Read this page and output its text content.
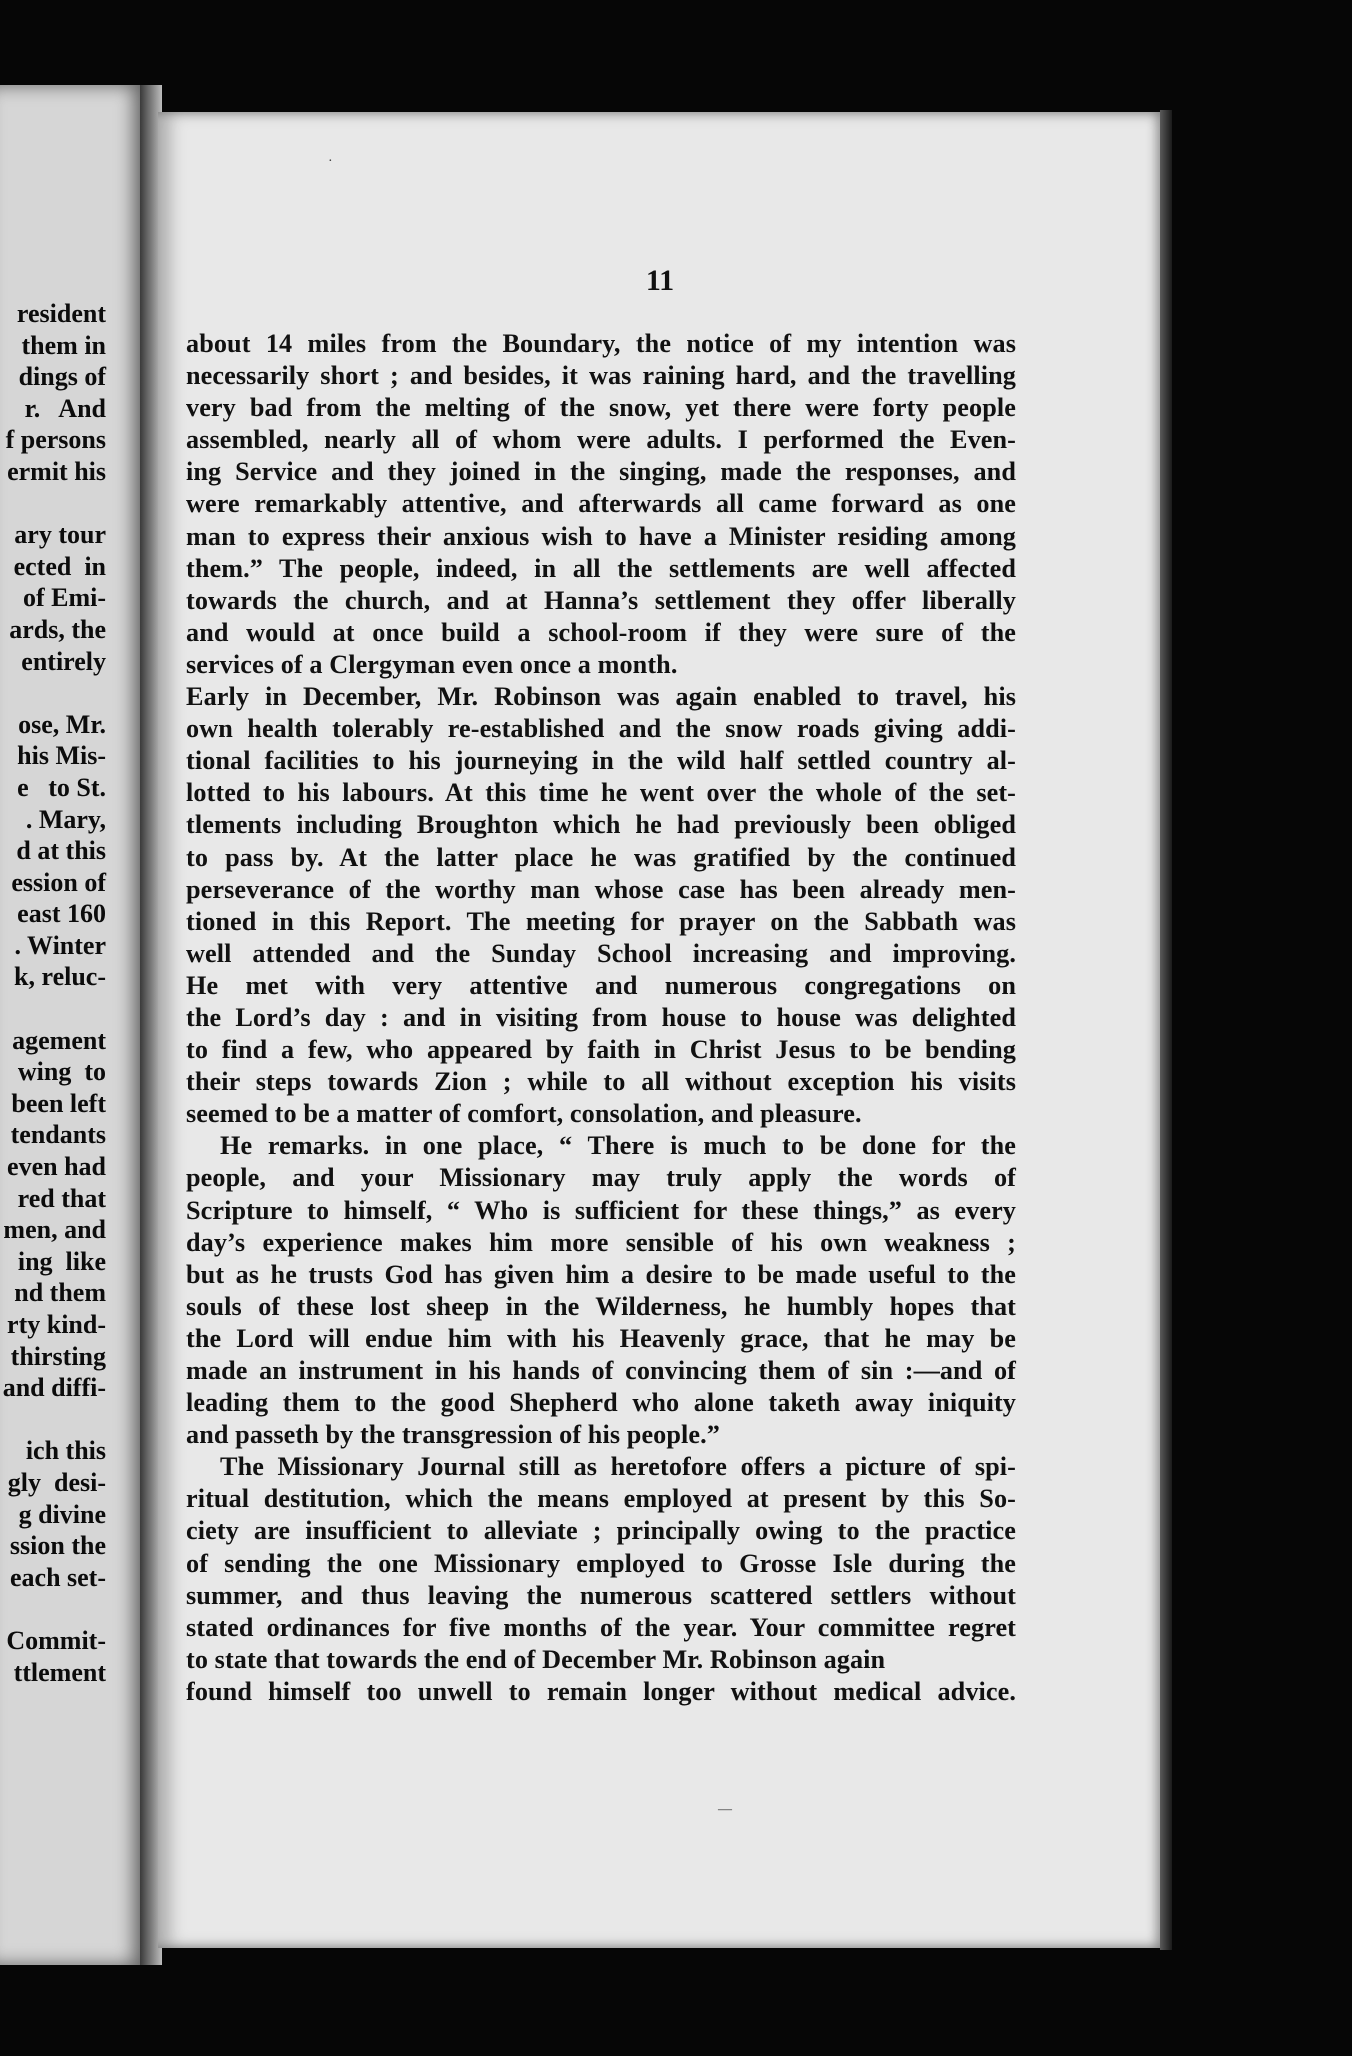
resident
them in
dings of
r.   And
f persons
ermit his

ary tour
ected  in
of Emi-
ards, the
entirely

ose, Mr.
his Mis-
e   to St.
. Mary,
d at this
ession of
east 160
. Winter
k, reluc-

agement
wing  to
been left
tendants
even had
red that
men, and
ing  like
nd them
rty kind-
thirsting
and diffi-

ich this
gly  desi-
g divine
ssion the
each set-

Commit-
ttlement
11
about 14 miles from the Boundary, the notice of my intention was
necessarily short ; and besides, it was raining hard, and the travelling
very bad from the melting of the snow, yet there were forty people
assembled, nearly all of whom were adults. I performed the Even-
ing Service and they joined in the singing, made the responses, and
were remarkably attentive, and afterwards all came forward as one
man to express their anxious wish to have a Minister residing among
them.” The people, indeed, in all the settlements are well affected
towards the church, and at Hanna’s settlement they offer liberally
and would at once build a school-room if they were sure of the
services of a Clergyman even once a month.
Early in December, Mr. Robinson was again enabled to travel, his
own health tolerably re-established and the snow roads giving addi-
tional facilities to his journeying in the wild half settled country al-
lotted to his labours. At this time he went over the whole of the set-
tlements including Broughton which he had previously been obliged
to pass by. At the latter place he was gratified by the continued
perseverance of the worthy man whose case has been already men-
tioned in this Report. The meeting for prayer on the Sabbath was
well attended and the Sunday School increasing and improving.
He met with very attentive and numerous congregations on
the Lord’s day : and in visiting from house to house was delighted
to find a few, who appeared by faith in Christ Jesus to be bending
their steps towards Zion ; while to all without exception his visits
seemed to be a matter of comfort, consolation, and pleasure.
He remarks. in one place, “ There is much to be done for the
people, and your Missionary may truly apply the words of
Scripture to himself, “ Who is sufficient for these things,” as every
day’s experience makes him more sensible of his own weakness ;
but as he trusts God has given him a desire to be made useful to the
souls of these lost sheep in the Wilderness, he humbly hopes that
the Lord will endue him with his Heavenly grace, that he may be
made an instrument in his hands of convincing them of sin :—and of
leading them to the good Shepherd who alone taketh away iniquity
and passeth by the transgression of his people.”
The Missionary Journal still as heretofore offers a picture of spi-
ritual destitution, which the means employed at present by this So-
ciety are insufficient to alleviate ; principally owing to the practice
of sending the one Missionary employed to Grosse Isle during the
summer, and thus leaving the numerous scattered settlers without
stated ordinances for five months of the year. Your committee regret
to state that towards the end of December Mr. Robinson again
found himself too unwell to remain longer without medical advice.
·
—
